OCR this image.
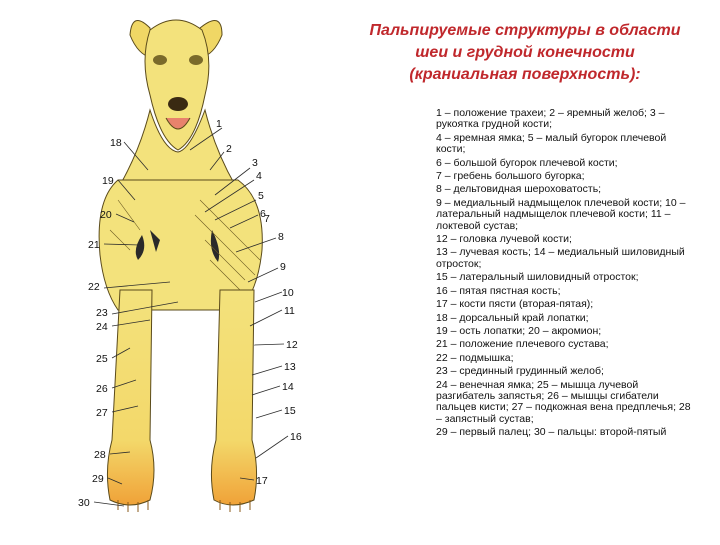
1
2
3
4
5
6
7
8
9
10
11
12
13
14
15
16
17
18
19
20
21
22
23
24
25
26
27
28
29
30
Пальпируемые структуры в области
шеи и грудной конечности
(краниальная поверхность):
1 – положение трахеи; 2 – яремный желоб; 3 – рукоятка грудной кости;
4 – яремная ямка; 5 – малый бугорок плечевой кости;
6 – большой бугорок плечевой кости;
7 – гребень большого бугорка;
8 – дельтовидная шероховатость;
9 – медиальный надмыщелок плечевой кости; 10 – латеральный надмыщелок плечевой кости; 11 – локтевой сустав;
12 – головка лучевой кости;
13 – лучевая кость; 14 – медиальный шиловидный отросток;
15 – латеральный шиловидный отросток;
16 – пятая пястная кость;
17 – кости пясти (вторая-пятая);
18 – дорсальный край лопатки;
19 – ость лопатки; 20 – акромион;
21 – положение плечевого сустава;
22 – подмышка;
23 – срединный грудинный желоб;
24 – венечная ямка; 25 – мышца лучевой разгибатель запястья; 26 – мышцы сгибатели пальцев кисти; 27 – подкожная вена предплечья; 28 – запястный сустав;
29 – первый палец; 30 – пальцы: второй-пятый
